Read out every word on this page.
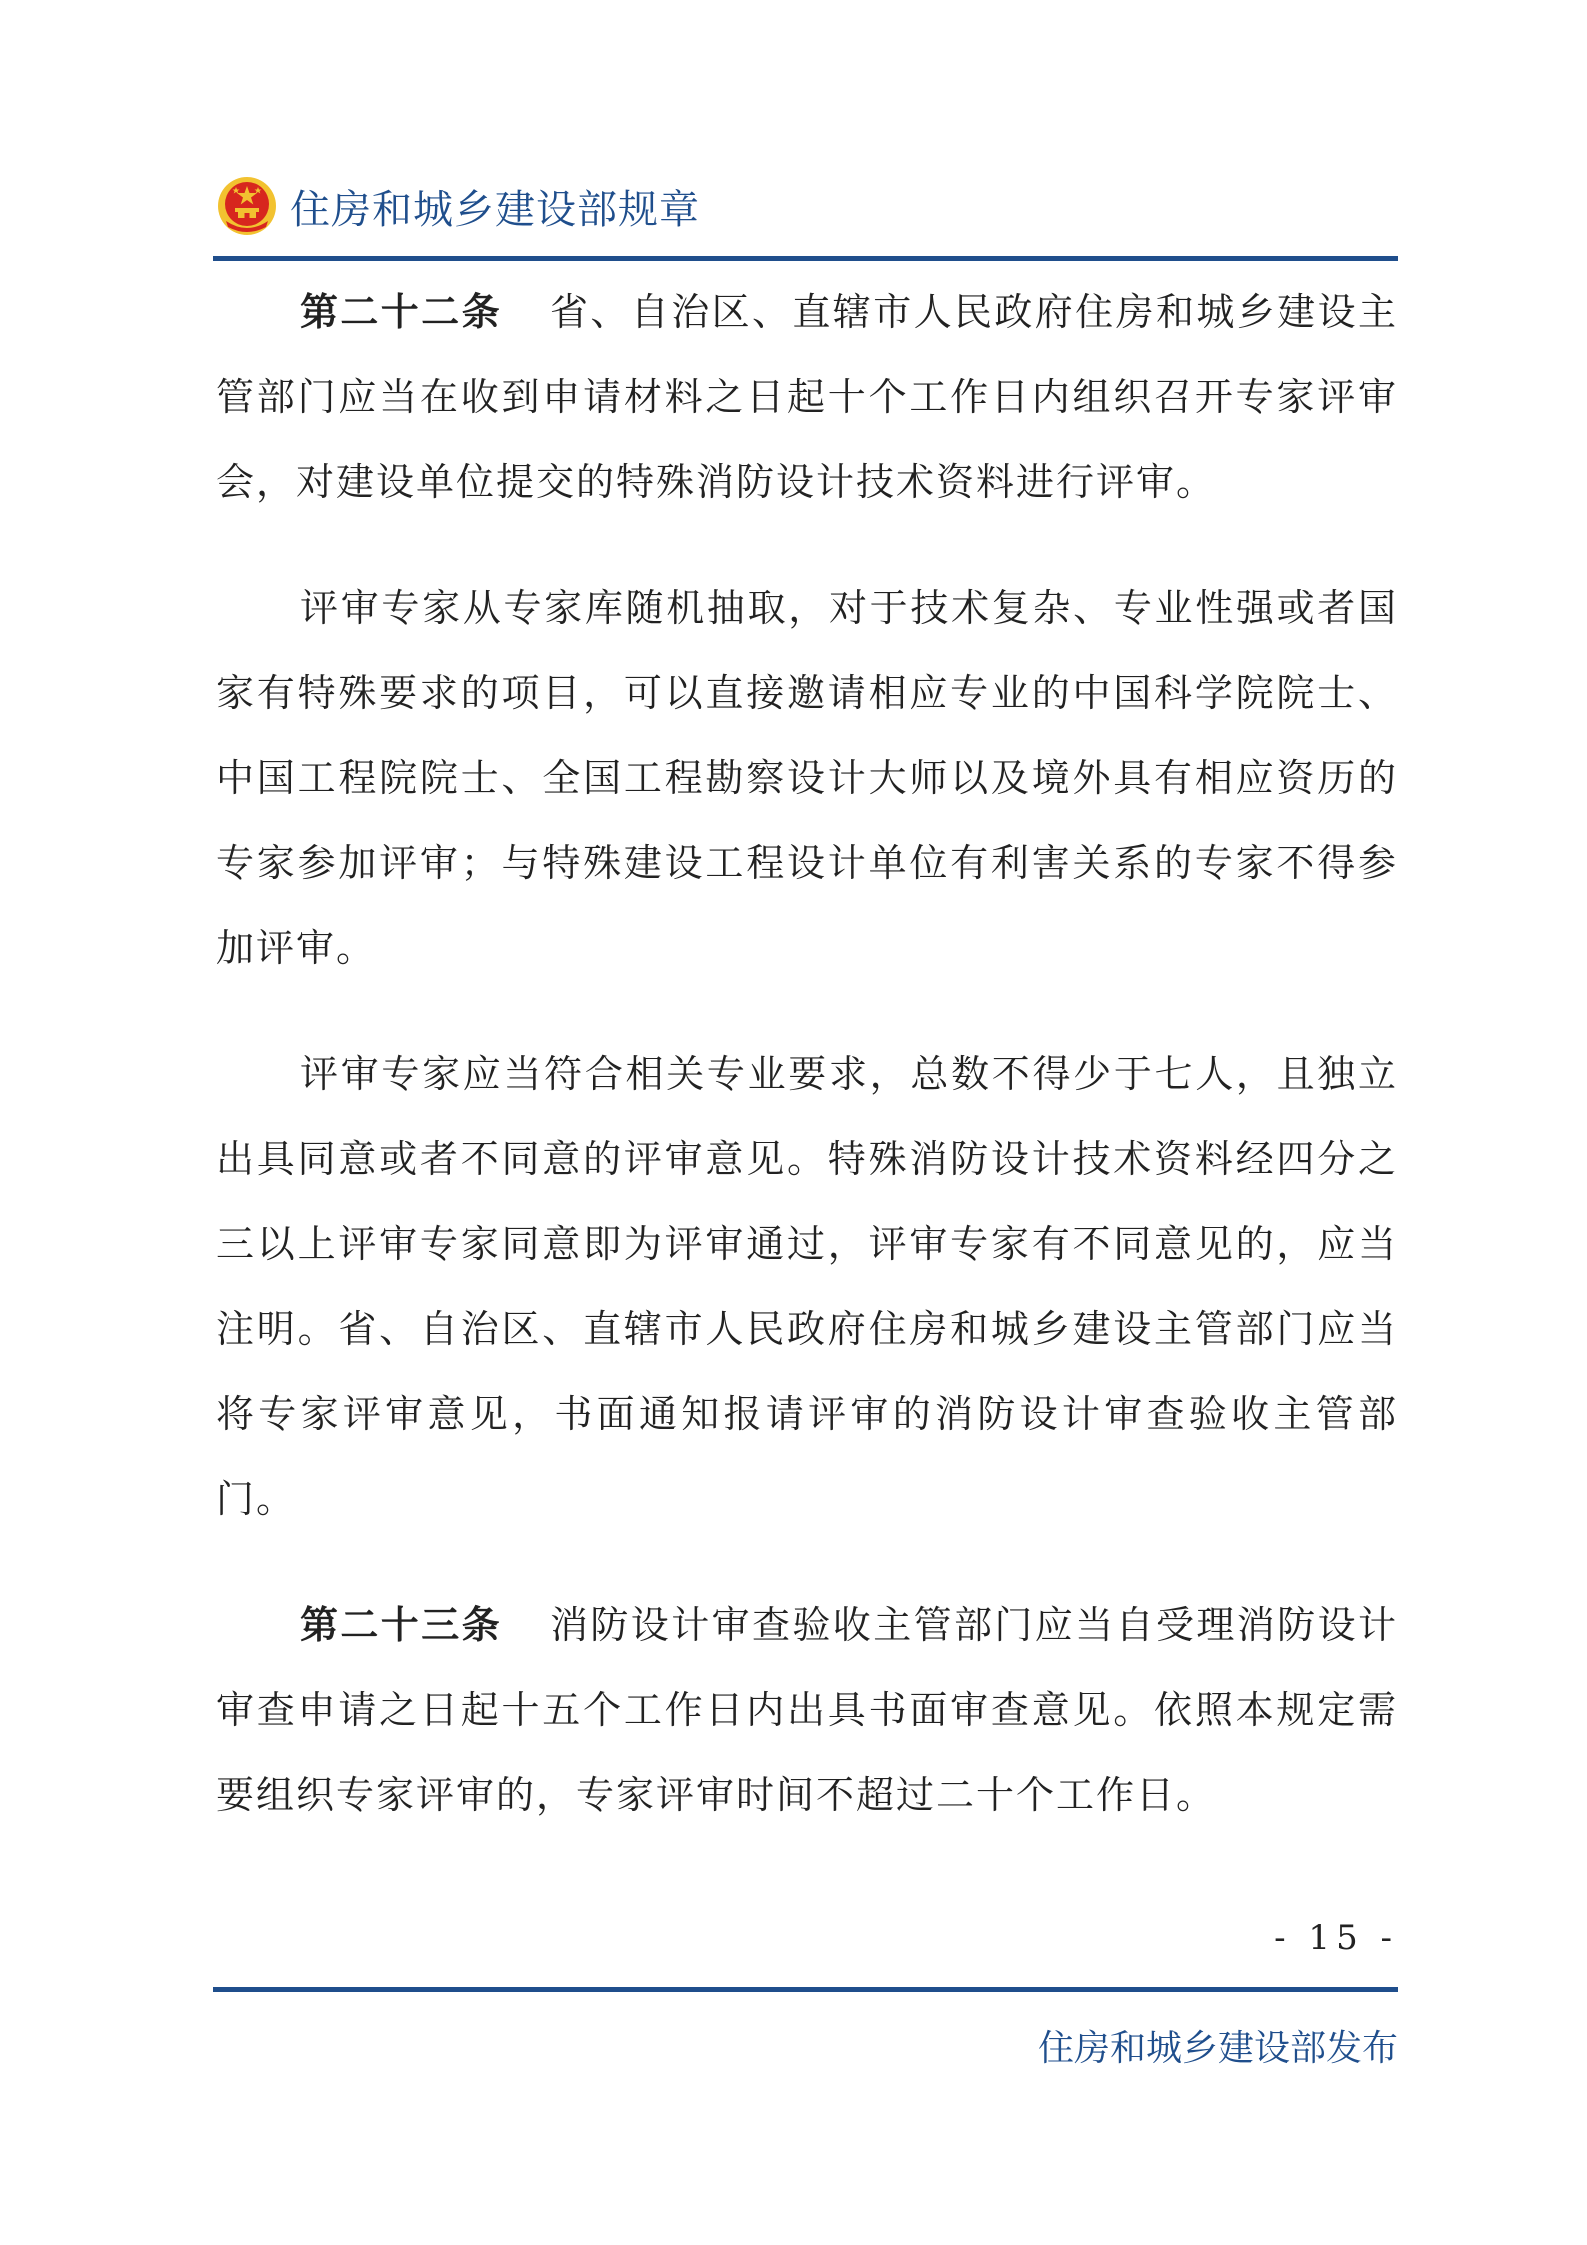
住房和城乡建设部规章

第二十二条 省、自治区、直辖市人民政府住房和城乡建设主管部门应当在收到申请材料之日起十个工作日内组织召开专家评审会，对建设单位提交的特殊消防设计技术资料进行评审。

评审专家从专家库随机抽取，对于技术复杂、专业性强或者国家有特殊要求的项目，可以直接邀请相应专业的中国科学院院士、中国工程院院士、全国工程勘察设计大师以及境外具有相应资历的专家参加评审；与特殊建设工程设计单位有利害关系的专家不得参加评审。

评审专家应当符合相关专业要求，总数不得少于七人，且独立出具同意或者不同意的评审意见。特殊消防设计技术资料经四分之三以上评审专家同意即为评审通过，评审专家有不同意见的，应当注明。省、自治区、直辖市人民政府住房和城乡建设主管部门应当将专家评审意见，书面通知报请评审的消防设计审查验收主管部门。

第二十三条 消防设计审查验收主管部门应当自受理消防设计审查申请之日起十五个工作日内出具书面审查意见。依照本规定需要组织专家评审的，专家评审时间不超过二十个工作日。

- 15 -
住房和城乡建设部发布
